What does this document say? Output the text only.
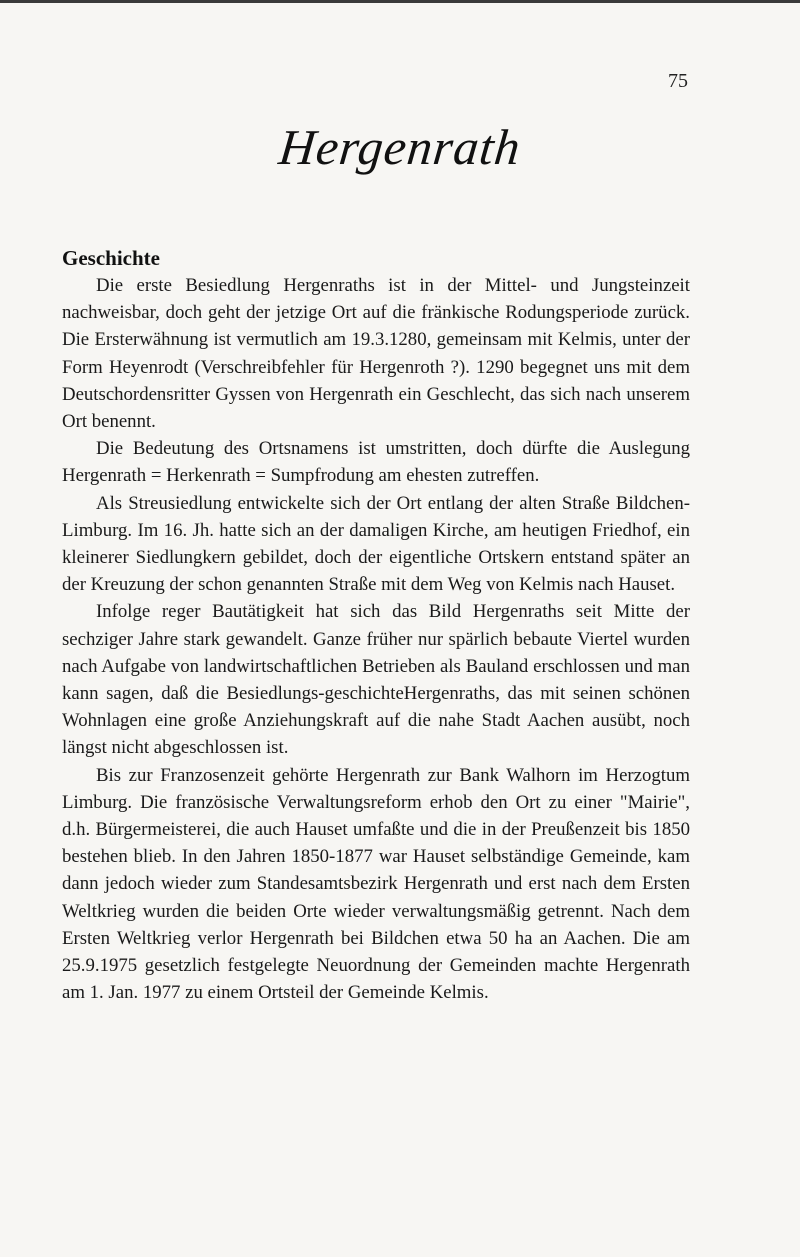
75
Hergenrath
Geschichte

Die erste Besiedlung Hergenraths ist in der Mittel- und Jungsteinzeit nachweisbar, doch geht der jetzige Ort auf die fränkische Rodungsperiode zurück. Die Ersterwähnung ist vermutlich am 19.3.1280, gemeinsam mit Kelmis, unter der Form Heyenrodt (Verschreibfehler für Hergenroth ?). 1290 begegnet uns mit dem Deutschordensritter Gyssen von Hergenrath ein Geschlecht, das sich nach unserem Ort benennt.

Die Bedeutung des Ortsnamens ist umstritten, doch dürfte die Auslegung Hergenrath = Herkenrath = Sumpfrodung am ehesten zutreffen.

Als Streusiedlung entwickelte sich der Ort entlang der alten Straße Bildchen-Limburg. Im 16. Jh. hatte sich an der damaligen Kirche, am heutigen Friedhof, ein kleinerer Siedlungkern gebildet, doch der eigentliche Ortskern entstand später an der Kreuzung der schon genannten Straße mit dem Weg von Kelmis nach Hauset.

Infolge reger Bautätigkeit hat sich das Bild Hergenraths seit Mitte der sechziger Jahre stark gewandelt. Ganze früher nur spärlich bebaute Viertel wurden nach Aufgabe von landwirtschaftlichen Betrieben als Bauland erschlossen und man kann sagen, daß die Besiedlungs-geschichteHergenraths, das mit seinen schönen Wohnlagen eine große Anziehungskraft auf die nahe Stadt Aachen ausübt, noch längst nicht abgeschlossen ist.

Bis zur Franzosenzeit gehörte Hergenrath zur Bank Walhorn im Herzogtum Limburg. Die französische Verwaltungsreform erhob den Ort zu einer "Mairie", d.h. Bürgermeisterei, die auch Hauset umfaßte und die in der Preußenzeit bis 1850 bestehen blieb. In den Jahren 1850-1877 war Hauset selbständige Gemeinde, kam dann jedoch wieder zum Standesamtsbezirk Hergenrath und erst nach dem Ersten Weltkrieg wurden die beiden Orte wieder verwaltungsmäßig getrennt. Nach dem Ersten Weltkrieg verlor Hergenrath bei Bildchen etwa 50 ha an Aachen. Die am 25.9.1975 gesetzlich festgelegte Neuordnung der Gemeinden machte Hergenrath am 1. Jan. 1977 zu einem Ortsteil der Gemeinde Kelmis.
